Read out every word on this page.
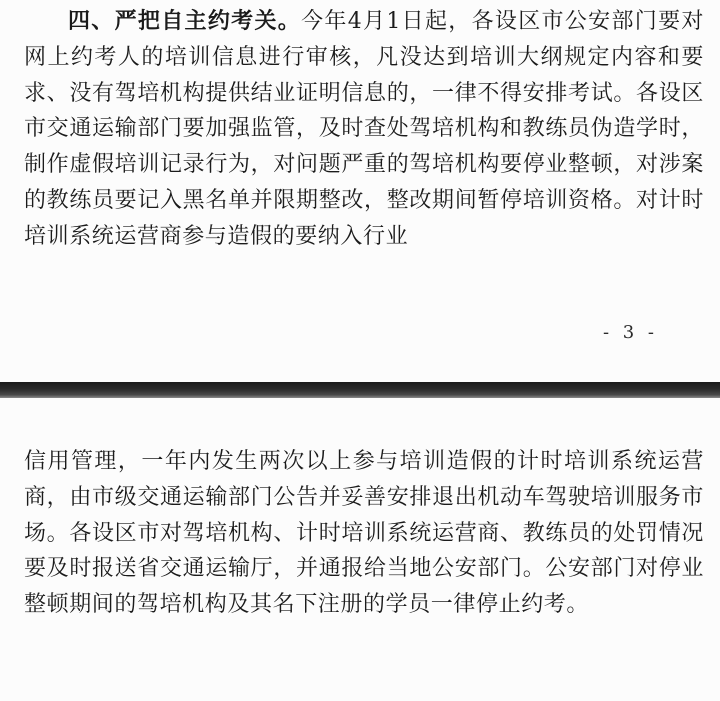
四、严把自主约考关。今年4月1日起，各设区市公安部门要对网上约考人的培训信息进行审核，凡没达到培训大纲规定内容和要求、没有驾培机构提供结业证明信息的，一律不得安排考试。各设区市交通运输部门要加强监管，及时查处驾培机构和教练员伪造学时，制作虚假培训记录行为，对问题严重的驾培机构要停业整顿，对涉案的教练员要记入黑名单并限期整改，整改期间暂停培训资格。对计时培训系统运营商参与造假的要纳入行业

- 3 -

信用管理，一年内发生两次以上参与培训造假的计时培训系统运营商，由市级交通运输部门公告并妥善安排退出机动车驾驶培训服务市场。各设区市对驾培机构、计时培训系统运营商、教练员的处罚情况要及时报送省交通运输厅，并通报给当地公安部门。公安部门对停业整顿期间的驾培机构及其名下注册的学员一律停止约考。
